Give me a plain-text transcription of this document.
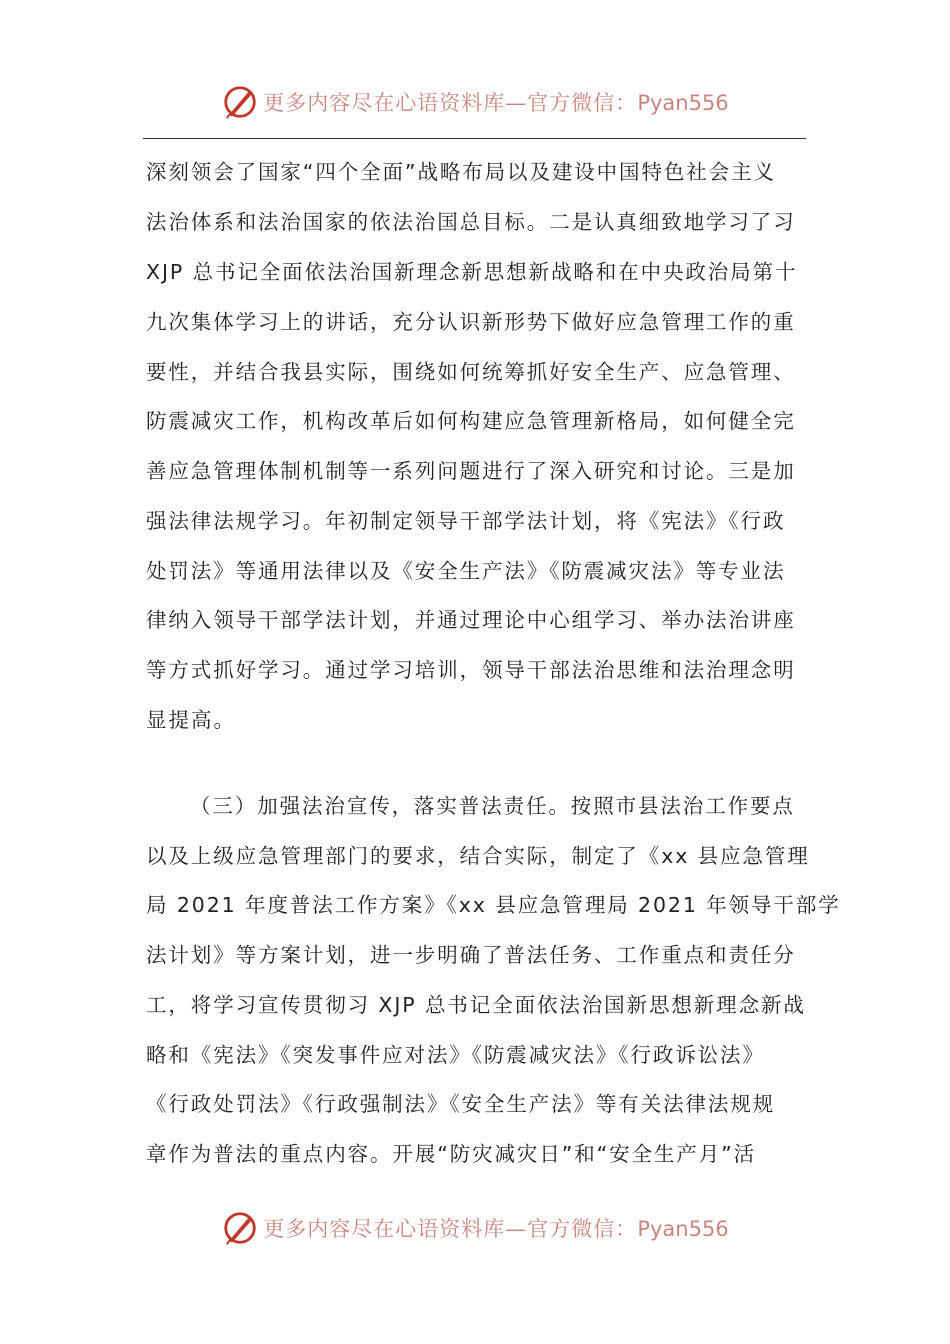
更多内容尽在心语资料库—官方微信：Pyan556
深刻领会了国家“四个全面”战略布局以及建设中国特色社会主义
法治体系和法治国家的依法治国总目标。二是认真细致地学习了习
XJP 总书记全面依法治国新理念新思想新战略和在中央政治局第十
九次集体学习上的讲话，充分认识新形势下做好应急管理工作的重
要性，并结合我县实际，围绕如何统筹抓好安全生产、应急管理、
防震减灾工作，机构改革后如何构建应急管理新格局，如何健全完
善应急管理体制机制等一系列问题进行了深入研究和讨论。三是加
强法律法规学习。年初制定领导干部学法计划，将《宪法》《行政
处罚法》等通用法律以及《安全生产法》《防震减灾法》等专业法
律纳入领导干部学法计划，并通过理论中心组学习、举办法治讲座
等方式抓好学习。通过学习培训，领导干部法治思维和法治理念明
显提高。
（三）加强法治宣传，落实普法责任。按照市县法治工作要点
以及上级应急管理部门的要求，结合实际，制定了《xx 县应急管理
局 2021 年度普法工作方案》《xx 县应急管理局 2021 年领导干部学
法计划》等方案计划，进一步明确了普法任务、工作重点和责任分
工，将学习宣传贯彻习 XJP 总书记全面依法治国新思想新理念新战
略和《宪法》《突发事件应对法》《防震减灾法》《行政诉讼法》
《行政处罚法》《行政强制法》《安全生产法》等有关法律法规规
章作为普法的重点内容。开展“防灾减灾日”和“安全生产月”活
更多内容尽在心语资料库—官方微信：Pyan556
